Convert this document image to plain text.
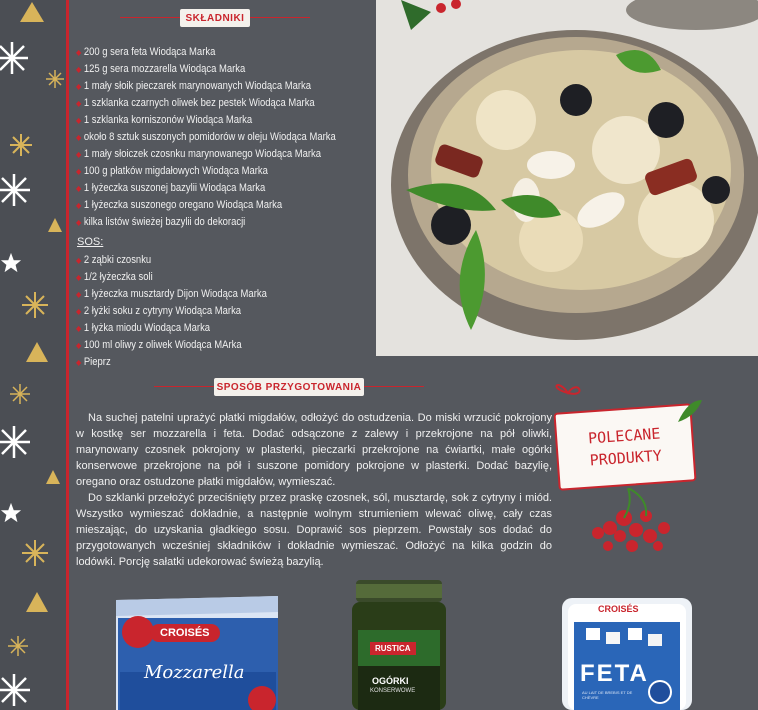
SKŁADNIKI
◆ 200 g sera feta Wiodąca Marka
◆ 125 g sera mozzarella Wiodąca Marka
◆ 1 mały słoik pieczarek marynowanych Wiodąca Marka
◆ 1 szklanka czarnych oliwek bez pestek Wiodąca Marka
◆ 1 szklanka korniszonów Wiodąca Marka
◆ około 8 sztuk suszonych pomidorów w oleju Wiodąca Marka
◆ 1 mały słoiczek czosnku marynowanego Wiodąca Marka
◆ 100 g płatków migdałowych Wiodąca Marka
◆ 1 łyżeczka suszonej bazylii Wiodąca Marka
◆ 1 łyżeczka suszonego oregano Wiodąca Marka
◆ kilka listów świeżej bazylii do dekoracji
SOS:
◆ 2 ząbki czosnku
◆ 1/2 łyżeczka soli
◆ 1 łyżeczka musztardy Dijon Wiodąca Marka
◆ 2 łyżki soku z cytryny Wiodąca Marka
◆ 1 łyżka miodu Wiodąca Marka
◆ 100 ml oliwy z oliwek Wiodąca MArka
◆ Pieprz
SPOSÓB PRZYGOTOWANIA

Na suchej patelni uprażyć płatki migdałów, odłożyć do ostudzenia. Do miski wrzucić pokrojony w kostkę ser mozzarella i feta. Dodać odsączone z zalewy i przekrojone na pół oliwki, marynowany czosnek pokrojony w plasterki, pieczarki przekrojone na ćwiartki, małe ogórki konserwowe przekrojone na pół i suszone pomidory pokrojone w plasterki. Dodać bazylię, oregano oraz ostudzone płatki migdałów, wymieszać.

Do szklanki przełożyć przeciśnięty przez praskę czosnek, sól, musztardę, sok z cytryny i miód. Wszystko wymieszać dokładnie, a następnie wolnym strumieniem wlewać oliwę, cały czas mieszając, do uzyskania gładkiego sosu. Doprawić sos pieprzem. Powstały sos dodać do przygotowanych wcześniej składników i dokładnie wymieszać. Odłożyć na kilka godzin do lodówki. Porcję sałatki udekorować świeżą bazylią.

POLECANE
PRODUKTY
CROISÉS
Mozzarella
RUSTICA
OGÓRKI
KONSERWOWE
CROISÉS
FETA
AU LAIT DE BREBIS ET DE CHÈVRE
